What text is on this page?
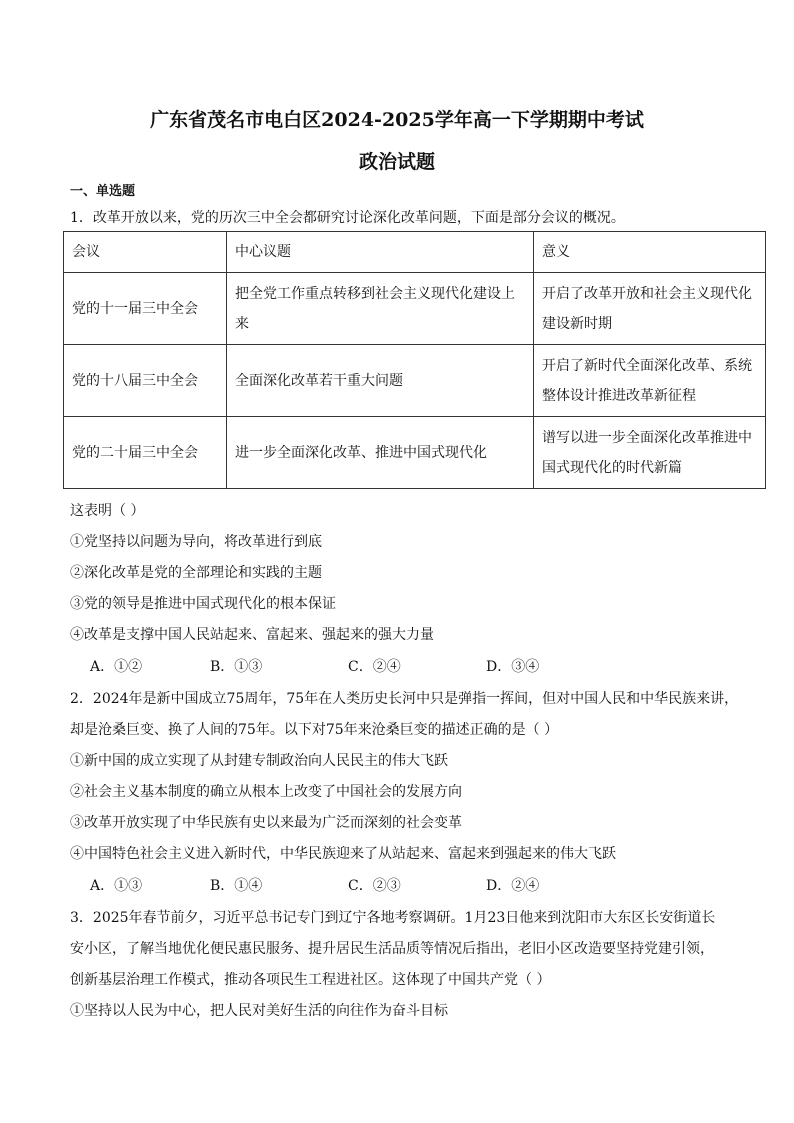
广东省茂名市电白区2024-2025学年高一下学期期中考试
政治试题
一、单选题
1．改革开放以来，党的历次三中全会都研究讨论深化改革问题，下面是部分会议的概况。
会议	中心议题	意义
党的十一届三中全会	把全党工作重点转移到社会主义现代化建设上来	开启了改革开放和社会主义现代化建设新时期
党的十八届三中全会	全面深化改革若干重大问题	开启了新时代全面深化改革、系统整体设计推进改革新征程
党的二十届三中全会	进一步全面深化改革、推进中国式现代化	谱写以进一步全面深化改革推进中国式现代化的时代新篇
这表明（ ）
①党坚持以问题为导向，将改革进行到底
②深化改革是党的全部理论和实践的主题
③党的领导是推进中国式现代化的根本保证
④改革是支撑中国人民站起来、富起来、强起来的强大力量
A．①②	B．①③	C．②④	D．③④
2．2024年是新中国成立75周年，75年在人类历史长河中只是弹指一挥间，但对中国人民和中华民族来讲，
却是沧桑巨变、换了人间的75年。以下对75年来沧桑巨变的描述正确的是（ ）
①新中国的成立实现了从封建专制政治向人民民主的伟大飞跃
②社会主义基本制度的确立从根本上改变了中国社会的发展方向
③改革开放实现了中华民族有史以来最为广泛而深刻的社会变革
④中国特色社会主义进入新时代，中华民族迎来了从站起来、富起来到强起来的伟大飞跃
A．①③	B．①④	C．②③	D．②④
3．2025年春节前夕，习近平总书记专门到辽宁各地考察调研。1月23日他来到沈阳市大东区长安街道长
安小区，了解当地优化便民惠民服务、提升居民生活品质等情况后指出，老旧小区改造要坚持党建引领，
创新基层治理工作模式，推动各项民生工程进社区。这体现了中国共产党（ ）
①坚持以人民为中心，把人民对美好生活的向往作为奋斗目标
